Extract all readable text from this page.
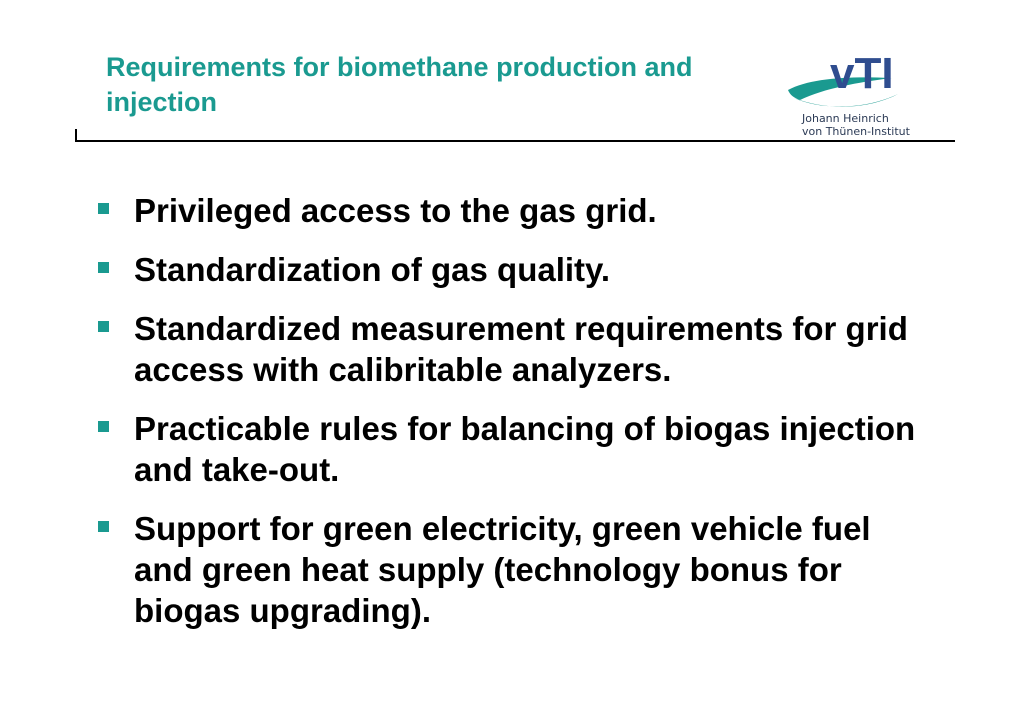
Requirements for biomethane production and injection
vTI
Johann Heinrich
von Thünen-Institut
Privileged access to the gas grid.
Standardization of gas quality.
Standardized measurement requirements for grid access with calibritable analyzers.
Practicable rules for balancing of biogas injection and take-out.
Support for green electricity, green vehicle fuel and green heat supply (technology bonus for biogas upgrading).
